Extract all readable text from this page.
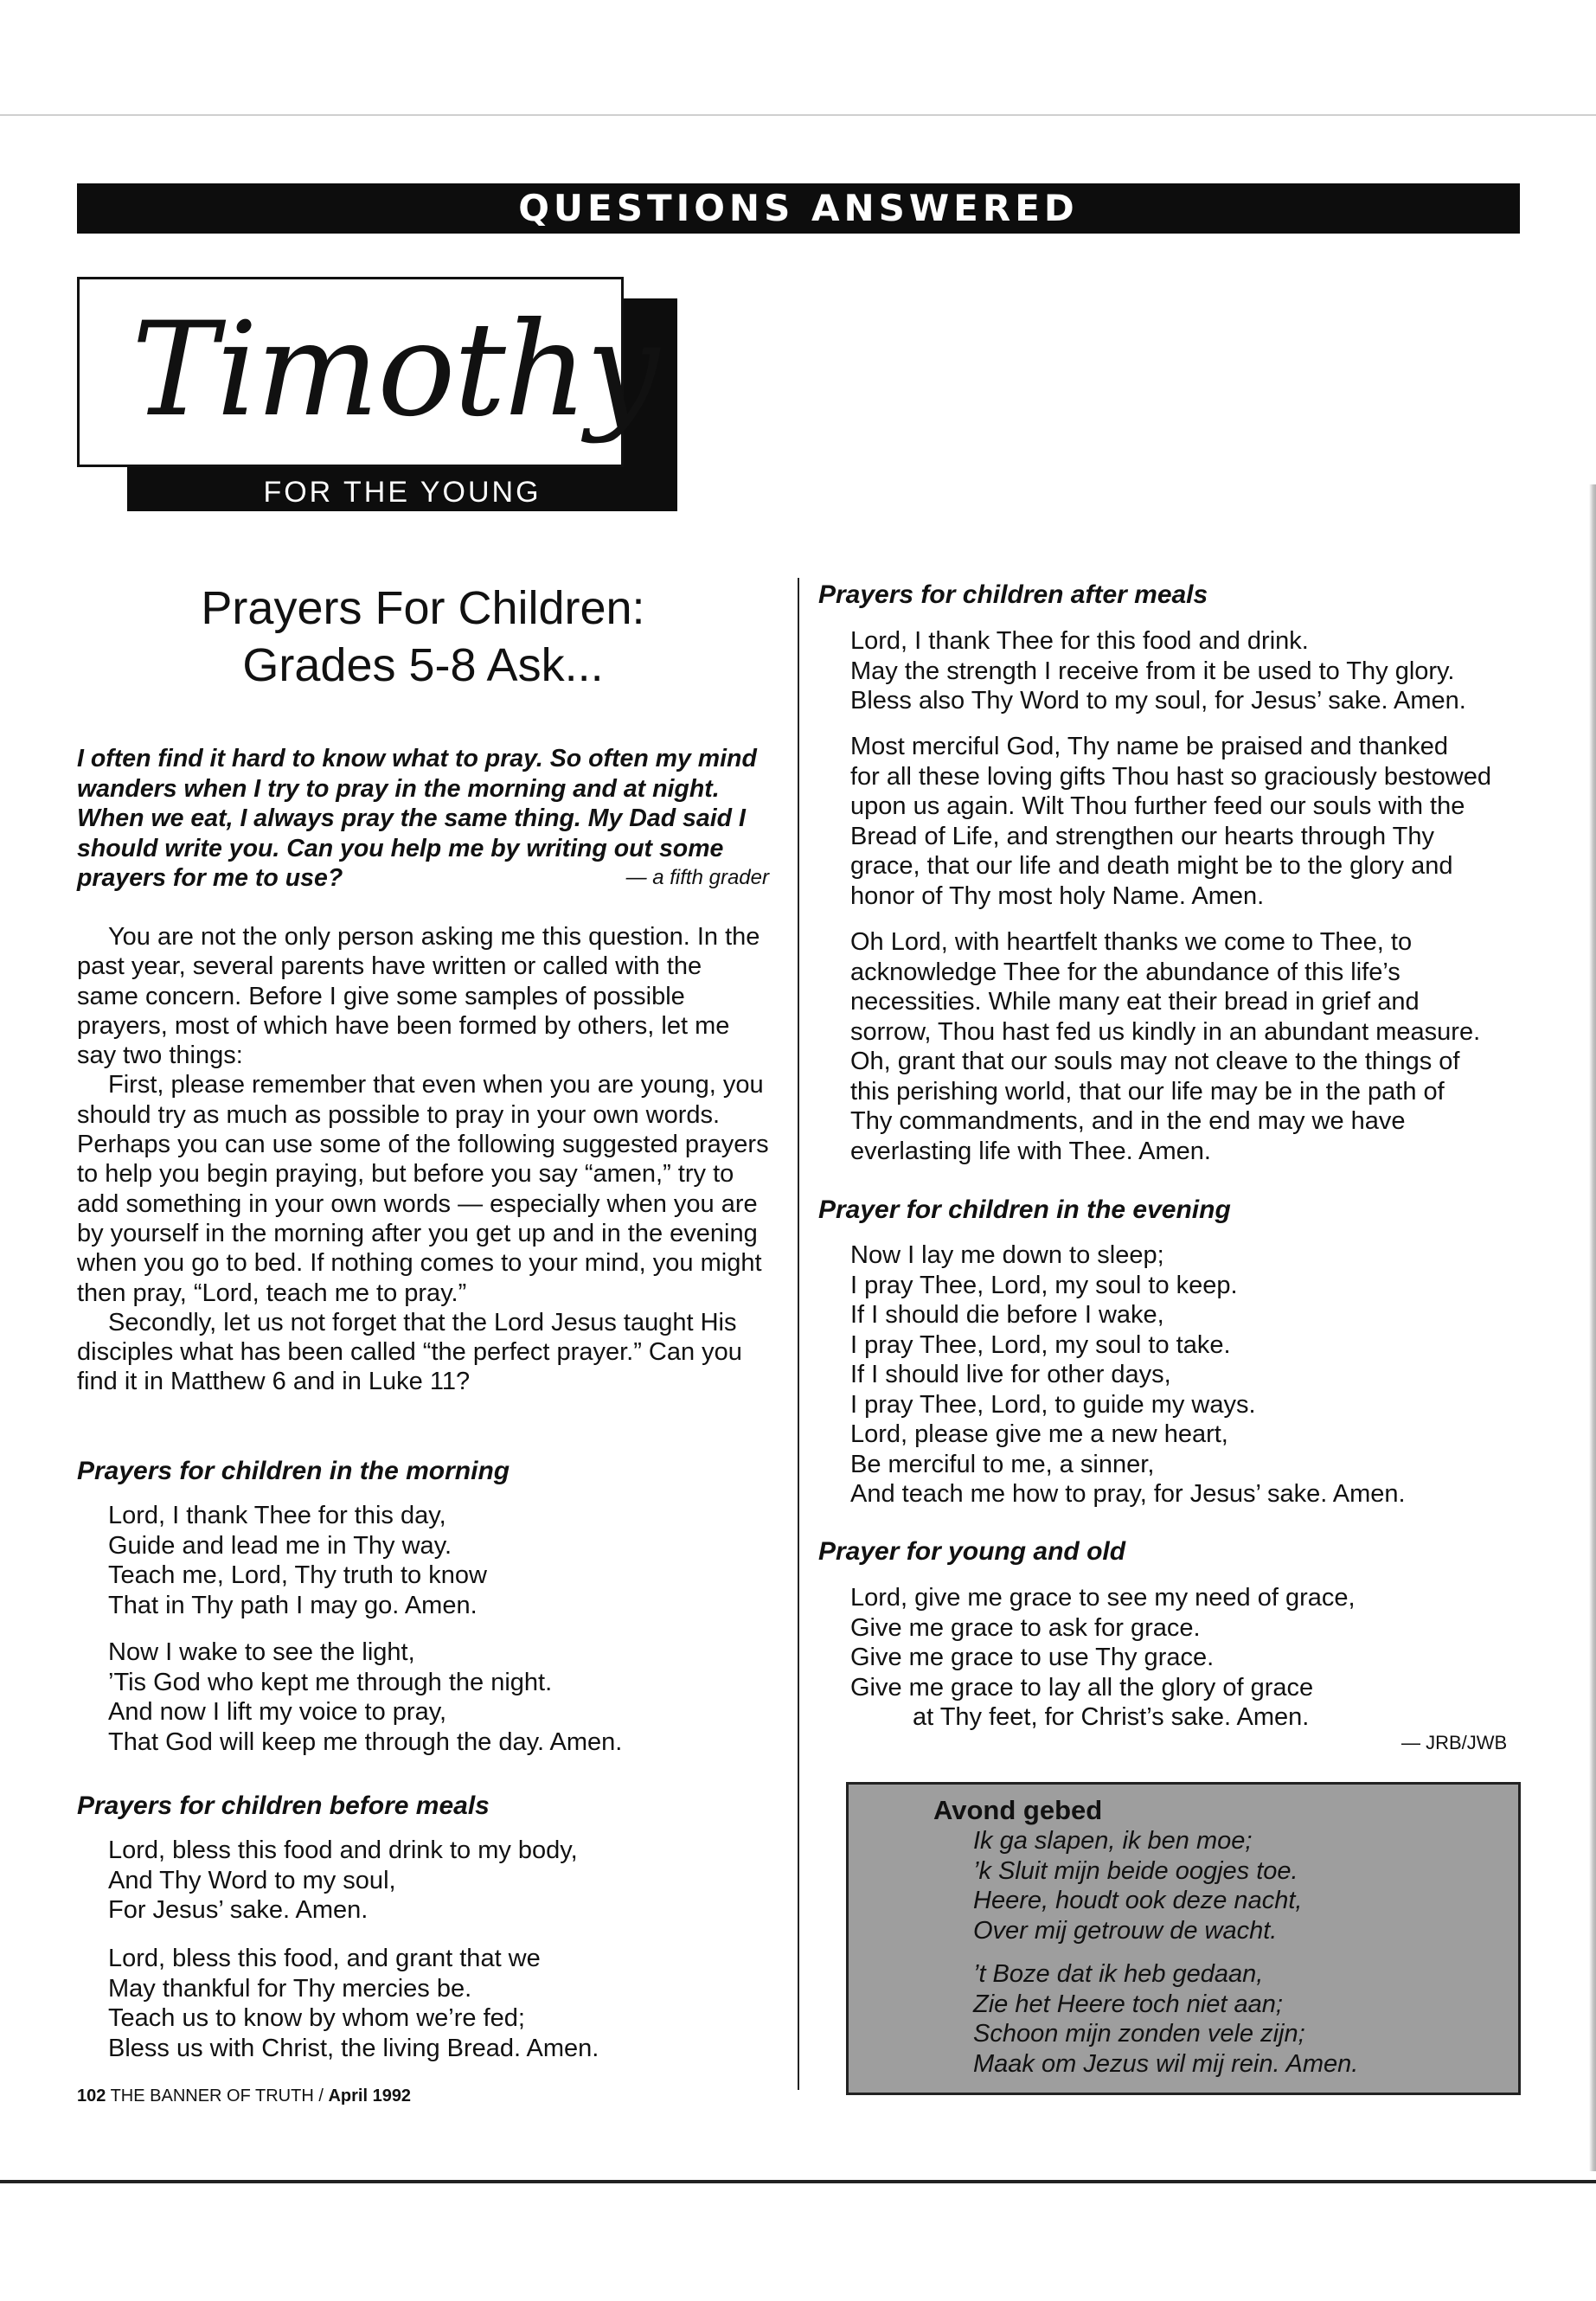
QUESTIONS ANSWERED
Timothy
FOR THE YOUNG
Prayers For Children:
Grades 5-8 Ask...
I often find it hard to know what to pray. So often my mind wanders when I try to pray in the morning and at night. When we eat, I always pray the same thing. My Dad said I should write you. Can you help me by writing out some prayers for me to use?	— a fifth grader

You are not the only person asking me this question. In the past year, several parents have written or called with the same concern. Before I give some samples of possible prayers, most of which have been formed by others, let me say two things:

First, please remember that even when you are young, you should try as much as possible to pray in your own words. Perhaps you can use some of the following suggested prayers to help you begin praying, but before you say “amen,” try to add something in your own words — especially when you are by yourself in the morning after you get up and in the evening when you go to bed. If nothing comes to your mind, you might then pray, “Lord, teach me to pray.”

Secondly, let us not forget that the Lord Jesus taught His disciples what has been called “the perfect prayer.” Can you find it in Matthew 6 and in Luke 11?

Prayers for children in the morning
Lord, I thank Thee for this day,
Guide and lead me in Thy way.
Teach me, Lord, Thy truth to know
That in Thy path I may go. Amen.
Now I wake to see the light,
’Tis God who kept me through the night.
And now I lift my voice to pray,
That God will keep me through the day. Amen.
Prayers for children before meals
Lord, bless this food and drink to my body,
And Thy Word to my soul,
For Jesus’ sake. Amen.
Lord, bless this food, and grant that we
May thankful for Thy mercies be.
Teach us to know by whom we’re fed;
Bless us with Christ, the living Bread. Amen.
Prayers for children after meals
Lord, I thank Thee for this food and drink.
May the strength I receive from it be used to Thy glory.
Bless also Thy Word to my soul, for Jesus’ sake. Amen.
Most merciful God, Thy name be praised and thanked
for all these loving gifts Thou hast so graciously bestowed
upon us again. Wilt Thou further feed our souls with the
Bread of Life, and strengthen our hearts through Thy
grace, that our life and death might be to the glory and
honor of Thy most holy Name. Amen.
Oh Lord, with heartfelt thanks we come to Thee, to
acknowledge Thee for the abundance of this life’s
necessities. While many eat their bread in grief and
sorrow, Thou hast fed us kindly in an abundant measure.
Oh, grant that our souls may not cleave to the things of
this perishing world, that our life may be in the path of
Thy commandments, and in the end may we have
everlasting life with Thee. Amen.
Prayer for children in the evening
Now I lay me down to sleep;
I pray Thee, Lord, my soul to keep.
If I should die before I wake,
I pray Thee, Lord, my soul to take.
If I should live for other days,
I pray Thee, Lord, to guide my ways.
Lord, please give me a new heart,
Be merciful to me, a sinner,
And teach me how to pray, for Jesus’ sake. Amen.
Prayer for young and old
Lord, give me grace to see my need of grace,
Give me grace to ask for grace.
Give me grace to use Thy grace.
Give me grace to lay all the glory of grace
at Thy feet, for Christ’s sake. Amen.
— JRB/JWB
Avond gebed
Ik ga slapen, ik ben moe;
’k Sluit mijn beide oogjes toe.
Heere, houdt ook deze nacht,
Over mij getrouw de wacht.
’t Boze dat ik heb gedaan,
Zie het Heere toch niet aan;
Schoon mijn zonden vele zijn;
Maak om Jezus wil mij rein. Amen.
102 THE BANNER OF TRUTH / April 1992
